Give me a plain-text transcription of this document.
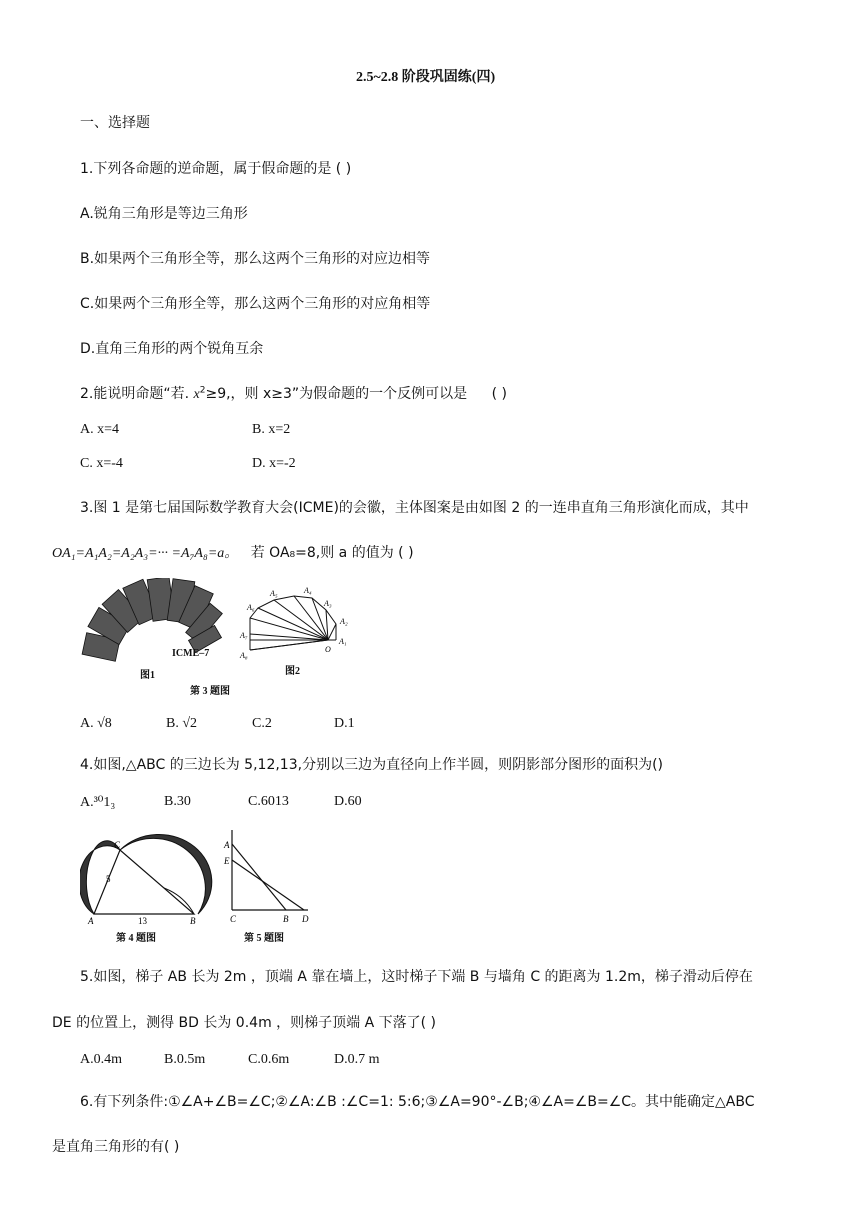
2.5~2.8 阶段巩固练(四)
一、选择题
1.下列各命题的逆命题，属于假命题的是 ( )
A.锐角三角形是等边三角形
B.如果两个三角形全等，那么这两个三角形的对应边相等
C.如果两个三角形全等，那么这两个三角形的对应角相等
D.直角三角形的两个锐角互余
2.能说明命题“若. $x^2\ge 9$,，则 x≥3”为假命题的一个反例可以是 ( )
A. x=4	B. x=2
C. x=-4	D. x=-2
3.图 1 是第七届国际数学教育大会(ICME)的会徽，主体图案是由如图 2 的一连串直角三角形演化而成，其中
OA₁=A₁A₂=A₂A₃=··· =A₇A₈=a。 若 OA₈=8,则 a 的值为 ( )
ICME–7
图1
A₁
A₂
A₃
A₄
A₅
A₆
A₇
A₈
O
图2
第 3 题图
A. √8	B. √2	C.2	D.1
4.如图,△ABC 的三边长为 5,12,13,分别以三边为直径向上作半圆，则阴影部分图形的面积为()
A.³⁰1₃	B.30	C.6013	D.60
A	B
C
5
12
13
第 4 题图
A
E
C	B D
第 5 题图
5.如图，梯子 AB 长为 2m ，顶端 A 靠在墙上，这时梯子下端 B 与墙角 C 的距离为 1.2m，梯子滑动后停在
DE 的位置上，测得 BD 长为 0.4m ，则梯子顶端 A 下落了( )
A.0.4m	B.0.5m	C.0.6m	D.0.7 m
6.有下列条件:①∠A+∠B=∠C;②∠A:∠B :∠C=1: 5:6;③∠A=90°-∠B;④∠A=∠B=∠C。其中能确定△ABC
是直角三角形的有( )
